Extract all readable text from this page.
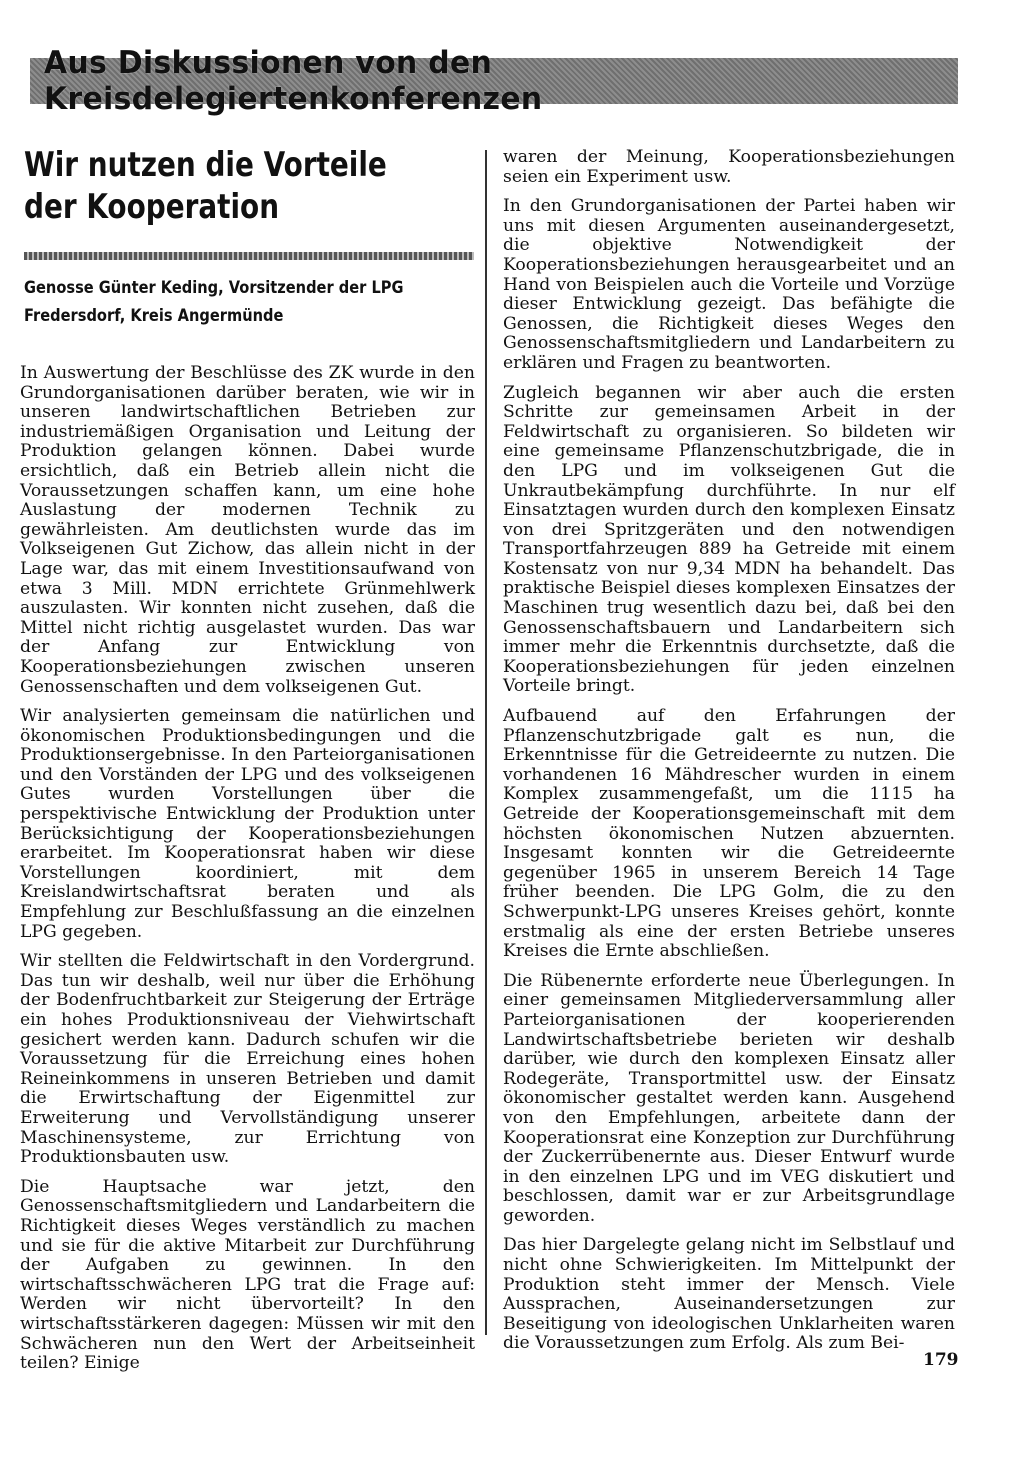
Aus Diskussionen von den Kreisdelegiertenkonferenzen
Wir nutzen die Vorteile
der Kooperation
Genosse Günter Keding, Vorsitzender der LPG
Fredersdorf, Kreis Angermünde

In Auswertung der Beschlüsse des ZK wurde in den Grundorganisationen darüber beraten, wie wir in unseren landwirtschaftlichen Betrieben zur industriemäßigen Organisation und Leitung der Produktion gelangen können. Dabei wurde ersichtlich, daß ein Betrieb allein nicht die Voraussetzungen schaffen kann, um eine hohe Auslastung der modernen Technik zu gewährleisten. Am deutlichsten wurde das im Volkseigenen Gut Zichow, das allein nicht in der Lage war, das mit einem Investitionsaufwand von etwa 3 Mill. MDN errichtete Grünmehlwerk auszulasten. Wir konnten nicht zusehen, daß die Mittel nicht richtig ausgelastet wurden. Das war der Anfang zur Entwicklung von Kooperationsbeziehungen zwischen unseren Genossenschaften und dem volkseigenen Gut.

Wir analysierten gemeinsam die natürlichen und ökonomischen Produktionsbedingungen und die Produktionsergebnisse. In den Parteiorganisationen und den Vorständen der LPG und des volkseigenen Gutes wurden Vorstellungen über die perspektivische Entwicklung der Produktion unter Berücksichtigung der Kooperationsbeziehungen erarbeitet. Im Kooperationsrat haben wir diese Vorstellungen koordiniert, mit dem Kreislandwirtschaftsrat beraten und als Empfehlung zur Beschlußfassung an die einzelnen LPG gegeben.

Wir stellten die Feldwirtschaft in den Vordergrund. Das tun wir deshalb, weil nur über die Erhöhung der Bodenfruchtbarkeit zur Steigerung der Erträge ein hohes Produktionsniveau der Viehwirtschaft gesichert werden kann. Dadurch schufen wir die Voraussetzung für die Erreichung eines hohen Reineinkommens in unseren Betrieben und damit die Erwirtschaftung der Eigenmittel zur Erweiterung und Vervollständigung unserer Maschinensysteme, zur Errichtung von Produktionsbauten usw.

Die Hauptsache war jetzt, den Genossenschaftsmitgliedern und Landarbeitern die Richtigkeit dieses Weges verständlich zu machen und sie für die aktive Mitarbeit zur Durchführung der Aufgaben zu gewinnen. In den wirtschaftsschwächeren LPG trat die Frage auf: Werden wir nicht übervorteilt? In den wirtschaftsstärkeren dagegen: Müssen wir mit den Schwächeren nun den Wert der Arbeitseinheit teilen? Einige

waren der Meinung, Kooperationsbeziehungen seien ein Experiment usw.

In den Grundorganisationen der Partei haben wir uns mit diesen Argumenten auseinandergesetzt, die objektive Notwendigkeit der Kooperationsbeziehungen herausgearbeitet und an Hand von Beispielen auch die Vorteile und Vorzüge dieser Entwicklung gezeigt. Das befähigte die Genossen, die Richtigkeit dieses Weges den Genossenschaftsmitgliedern und Landarbeitern zu erklären und Fragen zu beantworten.

Zugleich begannen wir aber auch die ersten Schritte zur gemeinsamen Arbeit in der Feldwirtschaft zu organisieren. So bildeten wir eine gemeinsame Pflanzenschutzbrigade, die in den LPG und im volkseigenen Gut die Unkrautbekämpfung durchführte. In nur elf Einsatztagen wurden durch den komplexen Einsatz von drei Spritzgeräten und den notwendigen Transportfahrzeugen 889 ha Getreide mit einem Kostensatz von nur 9,34 MDN ha behandelt. Das praktische Beispiel dieses komplexen Einsatzes der Maschinen trug wesentlich dazu bei, daß bei den Genossenschaftsbauern und Landarbeitern sich immer mehr die Erkenntnis durchsetzte, daß die Kooperationsbeziehungen für jeden einzelnen Vorteile bringt.

Aufbauend auf den Erfahrungen der Pflanzenschutzbrigade galt es nun, die Erkenntnisse für die Getreideernte zu nutzen. Die vorhandenen 16 Mähdrescher wurden in einem Komplex zusammengefaßt, um die 1115 ha Getreide der Kooperationsgemeinschaft mit dem höchsten ökonomischen Nutzen abzuernten. Insgesamt konnten wir die Getreideernte gegenüber 1965 in unserem Bereich 14 Tage früher beenden. Die LPG Golm, die zu den Schwerpunkt-LPG unseres Kreises gehört, konnte erstmalig als eine der ersten Betriebe unseres Kreises die Ernte abschließen.

Die Rübenernte erforderte neue Überlegungen. In einer gemeinsamen Mitgliederversammlung aller Parteiorganisationen der kooperierenden Landwirtschaftsbetriebe berieten wir deshalb darüber, wie durch den komplexen Einsatz aller Rodegeräte, Transportmittel usw. der Einsatz ökonomischer gestaltet werden kann. Ausgehend von den Empfehlungen, arbeitete dann der Kooperationsrat eine Konzeption zur Durchführung der Zuckerrübenernte aus. Dieser Entwurf wurde in den einzelnen LPG und im VEG diskutiert und beschlossen, damit war er zur Arbeitsgrundlage geworden.

Das hier Dargelegte gelang nicht im Selbstlauf und nicht ohne Schwierigkeiten. Im Mittelpunkt der Produktion steht immer der Mensch. Viele Aussprachen, Auseinandersetzungen zur Beseitigung von ideologischen Unklarheiten waren die Voraussetzungen zum Erfolg. Als zum Bei-

179
